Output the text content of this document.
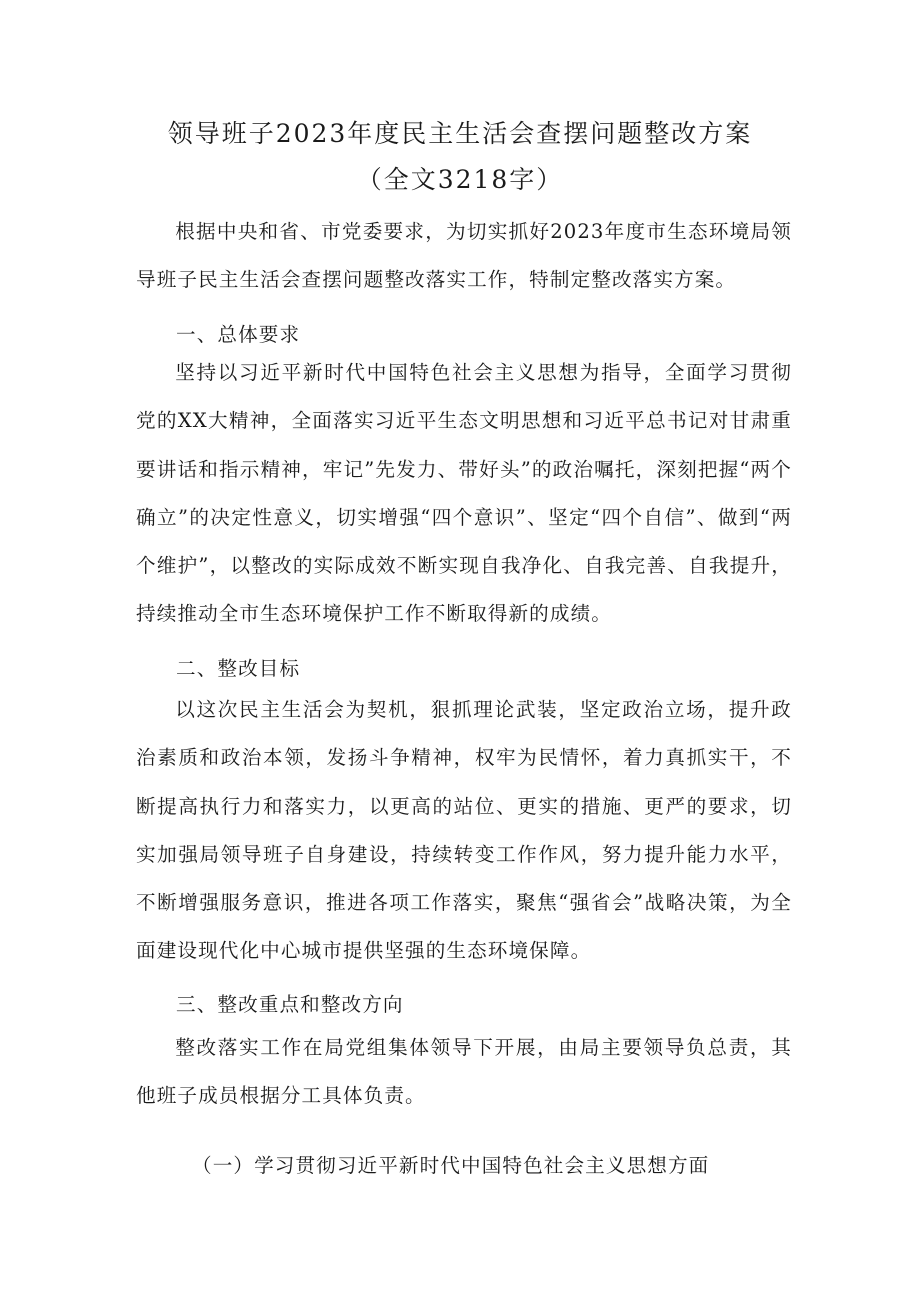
领导班子2023年度民主生活会查摆问题整改方案
（全文3218字）

根据中央和省、市党委要求，为切实抓好2023年度市生态环境局领导班子民主生活会查摆问题整改落实工作，特制定整改落实方案。

一、总体要求

坚持以习近平新时代中国特色社会主义思想为指导，全面学习贯彻党的XX大精神，全面落实习近平生态文明思想和习近平总书记对甘肃重要讲话和指示精神，牢记”先发力、带好头”的政治嘱托，深刻把握“两个确立”的决定性意义，切实增强“四个意识”、坚定“四个自信”、做到“两个维护”，以整改的实际成效不断实现自我净化、自我完善、自我提升，持续推动全市生态环境保护工作不断取得新的成绩。

二、整改目标

以这次民主生活会为契机，狠抓理论武装，坚定政治立场，提升政治素质和政治本领，发扬斗争精神，权牢为民情怀，着力真抓实干，不断提高执行力和落实力，以更高的站位、更实的措施、更严的要求，切实加强局领导班子自身建设，持续转变工作作风，努力提升能力水平，不断增强服务意识，推进各项工作落实，聚焦“强省会”战略决策，为全面建设现代化中心城市提供坚强的生态环境保障。

三、整改重点和整改方向

整改落实工作在局党组集体领导下开展，由局主要领导负总责，其他班子成员根据分工具体负责。

（一）学习贯彻习近平新时代中国特色社会主义思想方面
